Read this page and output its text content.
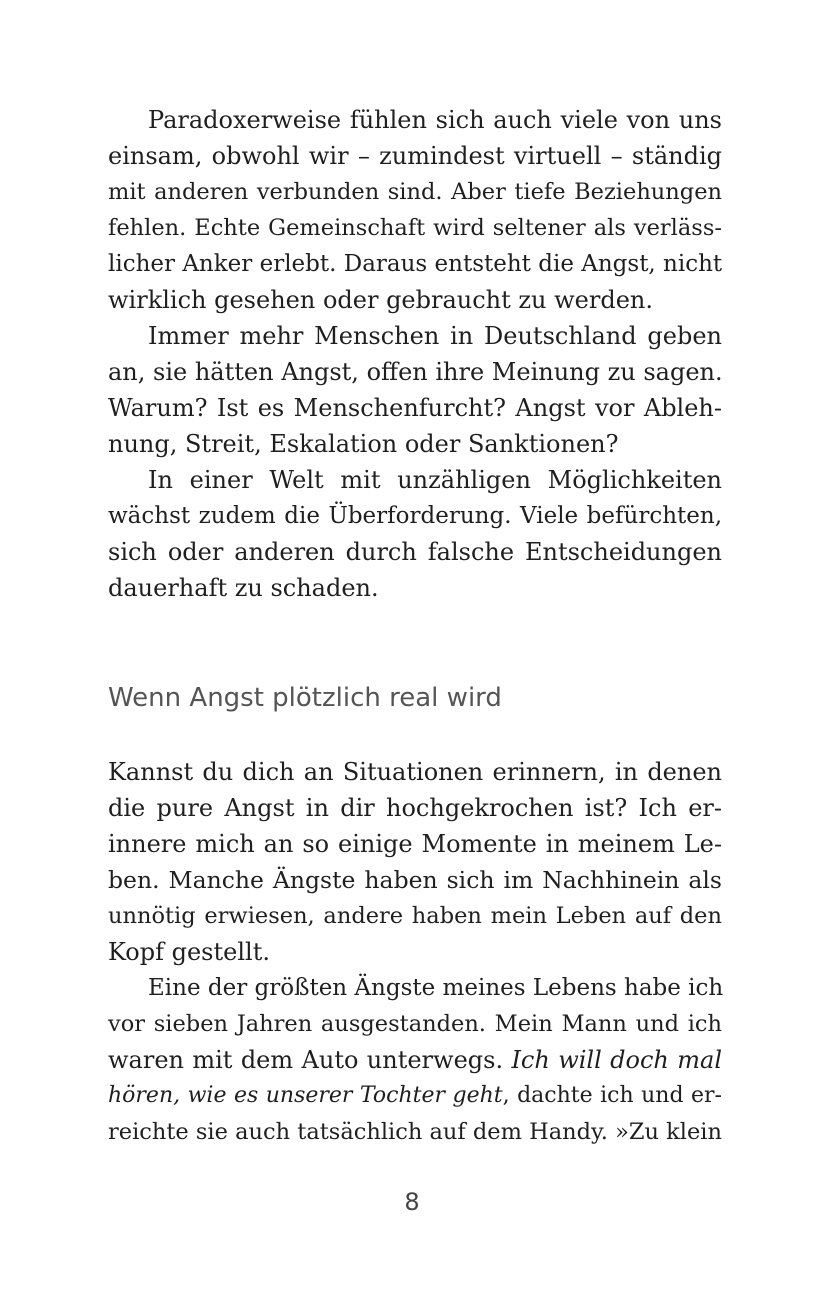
Paradoxerweise fühlen sich auch viele von uns
einsam, obwohl wir – zumindest virtuell – ständig
mit anderen verbunden sind. Aber tiefe Beziehungen
fehlen. Echte Gemeinschaft wird seltener als verläss-
licher Anker erlebt. Daraus entsteht die Angst, nicht
wirklich gesehen oder gebraucht zu werden.
Immer mehr Menschen in Deutschland geben
an, sie hätten Angst, offen ihre Meinung zu sagen.
Warum? Ist es Menschenfurcht? Angst vor Ableh-
nung, Streit, Eskalation oder Sanktionen?
In einer Welt mit unzähligen Möglichkeiten
wächst zudem die Überforderung. Viele befürchten,
sich oder anderen durch falsche Entscheidungen
dauerhaft zu schaden.
Wenn Angst plötzlich real wird
Kannst du dich an Situationen erinnern, in denen
die pure Angst in dir hochgekrochen ist? Ich er-
innere mich an so einige Momente in meinem Le-
ben. Manche Ängste haben sich im Nachhinein als
unnötig erwiesen, andere haben mein Leben auf den
Kopf gestellt.
Eine der größten Ängste meines Lebens habe ich
vor sieben Jahren ausgestanden. Mein Mann und ich
waren mit dem Auto unterwegs. Ich will doch mal
hören, wie es unserer Tochter geht, dachte ich und er-
reichte sie auch tatsächlich auf dem Handy. »Zu klein
8
